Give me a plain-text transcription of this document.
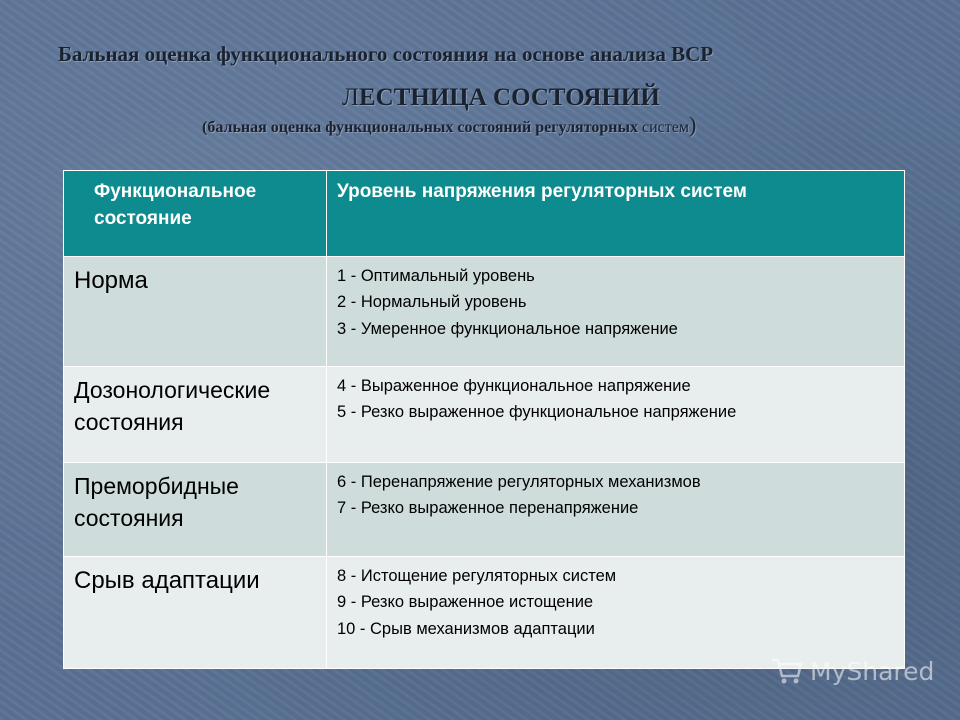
Бальная оценка функционального состояния на основе анализа ВСР
ЛЕСТНИЦА СОСТОЯНИЙ
(бальная оценка функциональных состояний регуляторных систем)
Функциональное состояние	Уровень напряжения регуляторных систем
Норма	1 - Оптимальный уровень
2 - Нормальный уровень
3 - Умеренное функциональное напряжение

Дозонологические состояния	4 - Выраженное функциональное напряжение
5 - Резко выраженное функциональное напряжение

Преморбидные состояния	6 - Перенапряжение регуляторных механизмов
7 - Резко выраженное перенапряжение

Срыв адаптации	8 - Истощение регуляторных систем
9 - Резко выраженное истощение
10 - Срыв механизмов адаптации
MyShared
